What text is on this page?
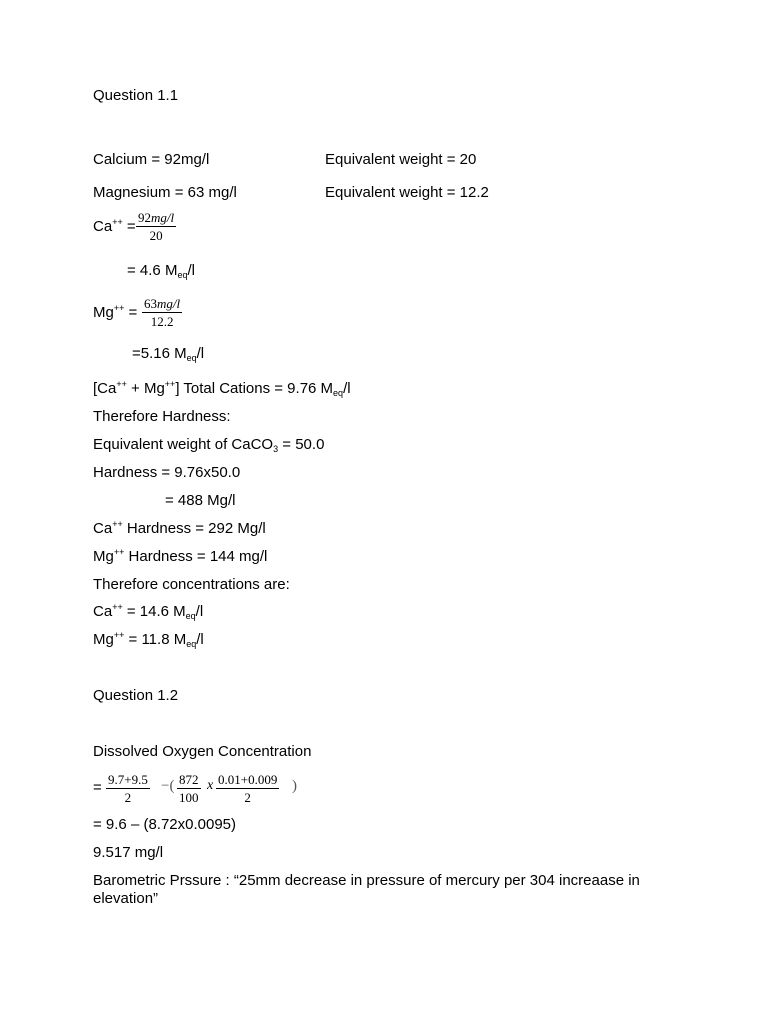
Question 1.1
Calcium = 92mg/l	Equivalent weight = 20
Magnesium = 63 mg/l	Equivalent weight = 12.2
$Ca^{++} = \frac{92mg/l}{20}$
= 4.6 $M_{eq}/l$
$Mg^{++} = \frac{63mg/l}{12.2}$
=5.16 $M_{eq}/l$
[Ca++ + Mg++] Total Cations = 9.76 $M_{eq}/l$
Therefore Hardness:
Equivalent weight of CaCO$_3$ = 50.0
Hardness = 9.76x50.0
= 488 Mg/l
Ca++ Hardness = 292 Mg/l
Mg++ Hardness = 144 mg/l
Therefore concentrations are:
Ca++ = 14.6 $M_{eq}/l$
Mg++ = 11.8 $M_{eq}/l$
Question 1.2
Dissolved Oxygen Concentration
= $\frac{9.7+9.5}{2}$ −( $\frac{872}{100}$ x $\frac{0.01+0.009}{2}$ )
= 9.6 – (8.72x0.0095)
9.517 mg/l
Barometric Prssure : “25mm decrease in pressure of mercury per 304 increaase in
elevation”
